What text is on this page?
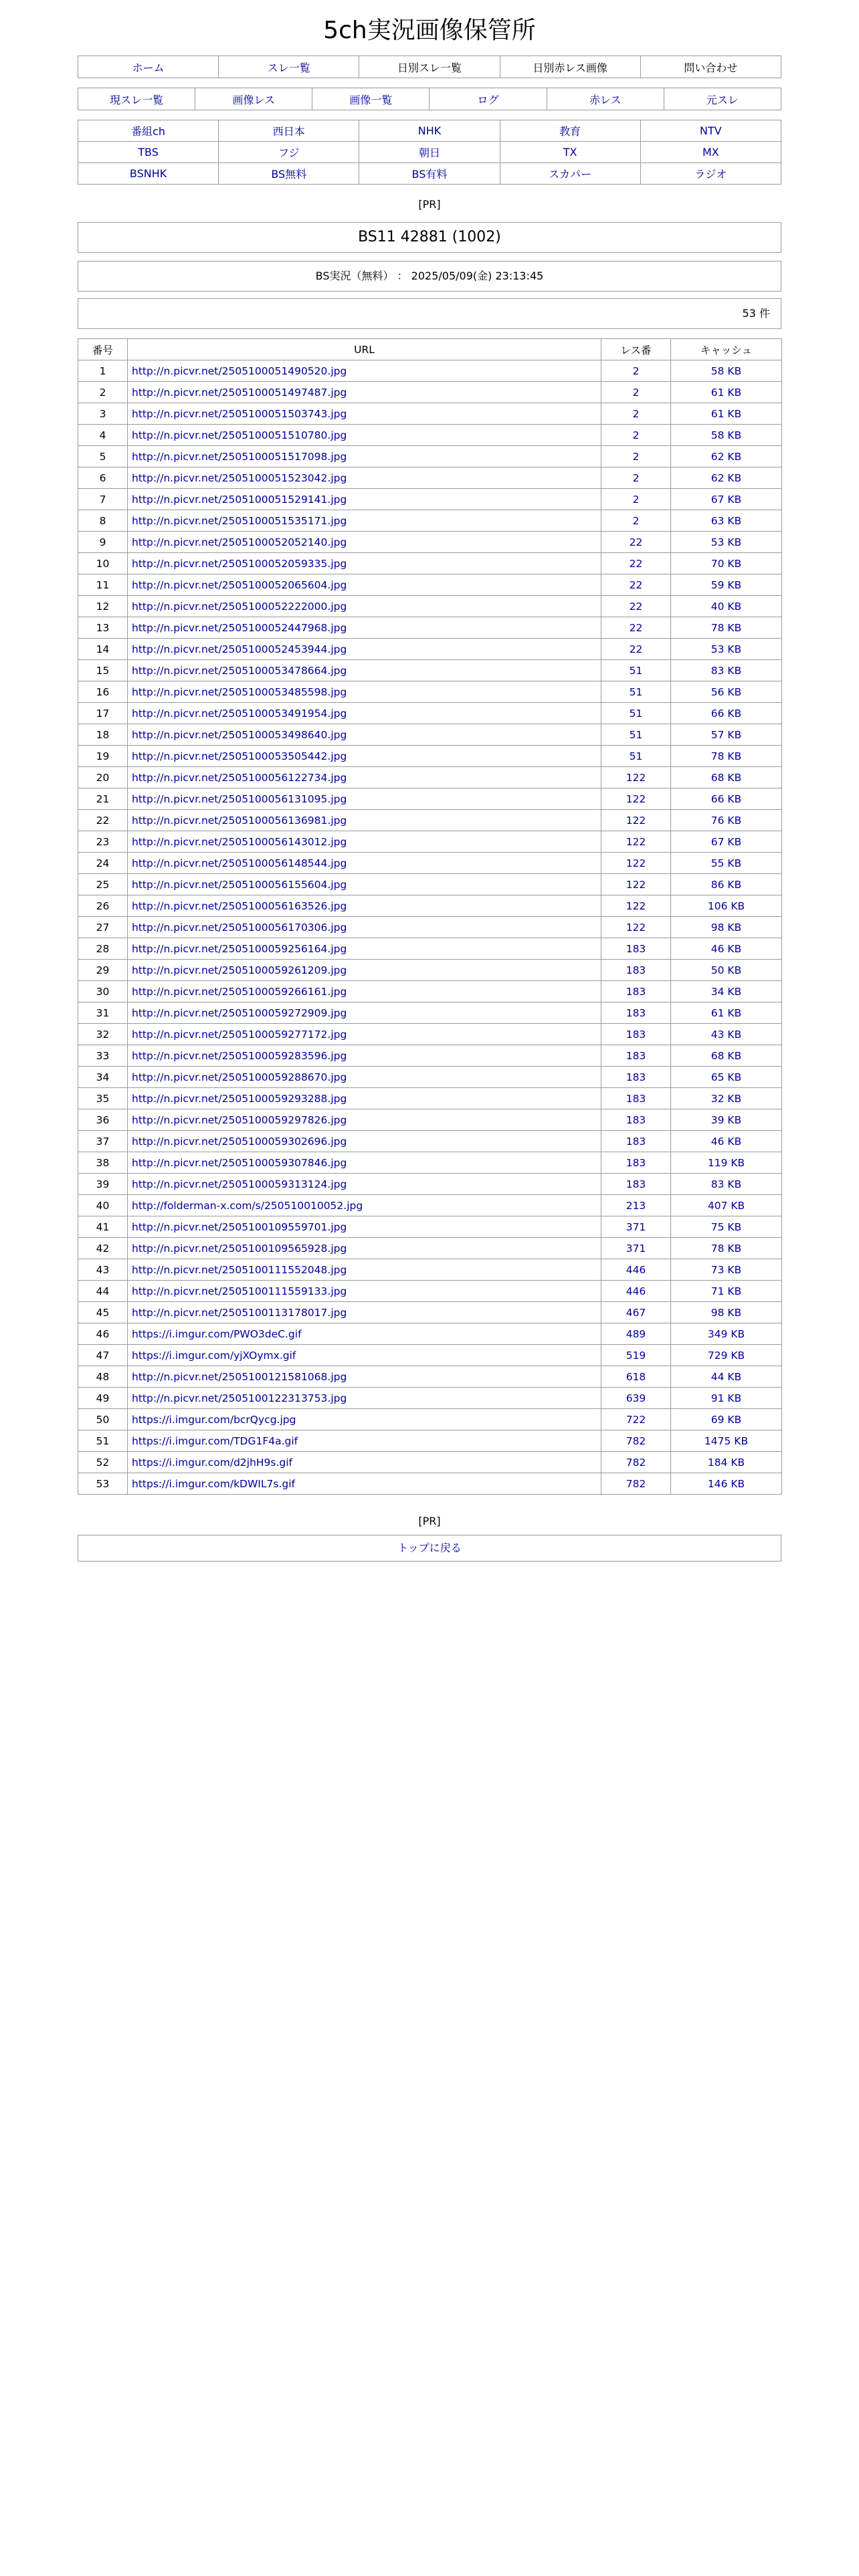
5ch実況画像保管所
ホーム	スレ一覧	日別スレ一覧	日別赤レス画像	問い合わせ
現スレ一覧	画像レス	画像一覧	ログ	赤レス	元スレ
番組ch	西日本	NHK	教育	NTV
TBS	フジ	朝日	TX	MX
BSNHK	BS無料	BS有料	スカパー	ラジオ
[PR]
BS11 42881 (1002)
BS実況（無料） ： 2025/05/09(金) 23:13:45
53 件
番号	URL	レス番	キャッシュ
1	http://n.picvr.net/2505100051490520.jpg	2	58 KB
2	http://n.picvr.net/2505100051497487.jpg	2	61 KB
3	http://n.picvr.net/2505100051503743.jpg	2	61 KB
4	http://n.picvr.net/2505100051510780.jpg	2	58 KB
5	http://n.picvr.net/2505100051517098.jpg	2	62 KB
6	http://n.picvr.net/2505100051523042.jpg	2	62 KB
7	http://n.picvr.net/2505100051529141.jpg	2	67 KB
8	http://n.picvr.net/2505100051535171.jpg	2	63 KB
9	http://n.picvr.net/2505100052052140.jpg	22	53 KB
10	http://n.picvr.net/2505100052059335.jpg	22	70 KB
11	http://n.picvr.net/2505100052065604.jpg	22	59 KB
12	http://n.picvr.net/2505100052222000.jpg	22	40 KB
13	http://n.picvr.net/2505100052447968.jpg	22	78 KB
14	http://n.picvr.net/2505100052453944.jpg	22	53 KB
15	http://n.picvr.net/2505100053478664.jpg	51	83 KB
16	http://n.picvr.net/2505100053485598.jpg	51	56 KB
17	http://n.picvr.net/2505100053491954.jpg	51	66 KB
18	http://n.picvr.net/2505100053498640.jpg	51	57 KB
19	http://n.picvr.net/2505100053505442.jpg	51	78 KB
20	http://n.picvr.net/2505100056122734.jpg	122	68 KB
21	http://n.picvr.net/2505100056131095.jpg	122	66 KB
22	http://n.picvr.net/2505100056136981.jpg	122	76 KB
23	http://n.picvr.net/2505100056143012.jpg	122	67 KB
24	http://n.picvr.net/2505100056148544.jpg	122	55 KB
25	http://n.picvr.net/2505100056155604.jpg	122	86 KB
26	http://n.picvr.net/2505100056163526.jpg	122	106 KB
27	http://n.picvr.net/2505100056170306.jpg	122	98 KB
28	http://n.picvr.net/2505100059256164.jpg	183	46 KB
29	http://n.picvr.net/2505100059261209.jpg	183	50 KB
30	http://n.picvr.net/2505100059266161.jpg	183	34 KB
31	http://n.picvr.net/2505100059272909.jpg	183	61 KB
32	http://n.picvr.net/2505100059277172.jpg	183	43 KB
33	http://n.picvr.net/2505100059283596.jpg	183	68 KB
34	http://n.picvr.net/2505100059288670.jpg	183	65 KB
35	http://n.picvr.net/2505100059293288.jpg	183	32 KB
36	http://n.picvr.net/2505100059297826.jpg	183	39 KB
37	http://n.picvr.net/2505100059302696.jpg	183	46 KB
38	http://n.picvr.net/2505100059307846.jpg	183	119 KB
39	http://n.picvr.net/2505100059313124.jpg	183	83 KB
40	http://folderman-x.com/s/250510010052.jpg	213	407 KB
41	http://n.picvr.net/2505100109559701.jpg	371	75 KB
42	http://n.picvr.net/2505100109565928.jpg	371	78 KB
43	http://n.picvr.net/2505100111552048.jpg	446	73 KB
44	http://n.picvr.net/2505100111559133.jpg	446	71 KB
45	http://n.picvr.net/2505100113178017.jpg	467	98 KB
46	https://i.imgur.com/PWO3deC.gif	489	349 KB
47	https://i.imgur.com/yjXOymx.gif	519	729 KB
48	http://n.picvr.net/2505100121581068.jpg	618	44 KB
49	http://n.picvr.net/2505100122313753.jpg	639	91 KB
50	https://i.imgur.com/bcrQycg.jpg	722	69 KB
51	https://i.imgur.com/TDG1F4a.gif	782	1475 KB
52	https://i.imgur.com/d2jhH9s.gif	782	184 KB
53	https://i.imgur.com/kDWIL7s.gif	782	146 KB
[PR]
トップに戻る
